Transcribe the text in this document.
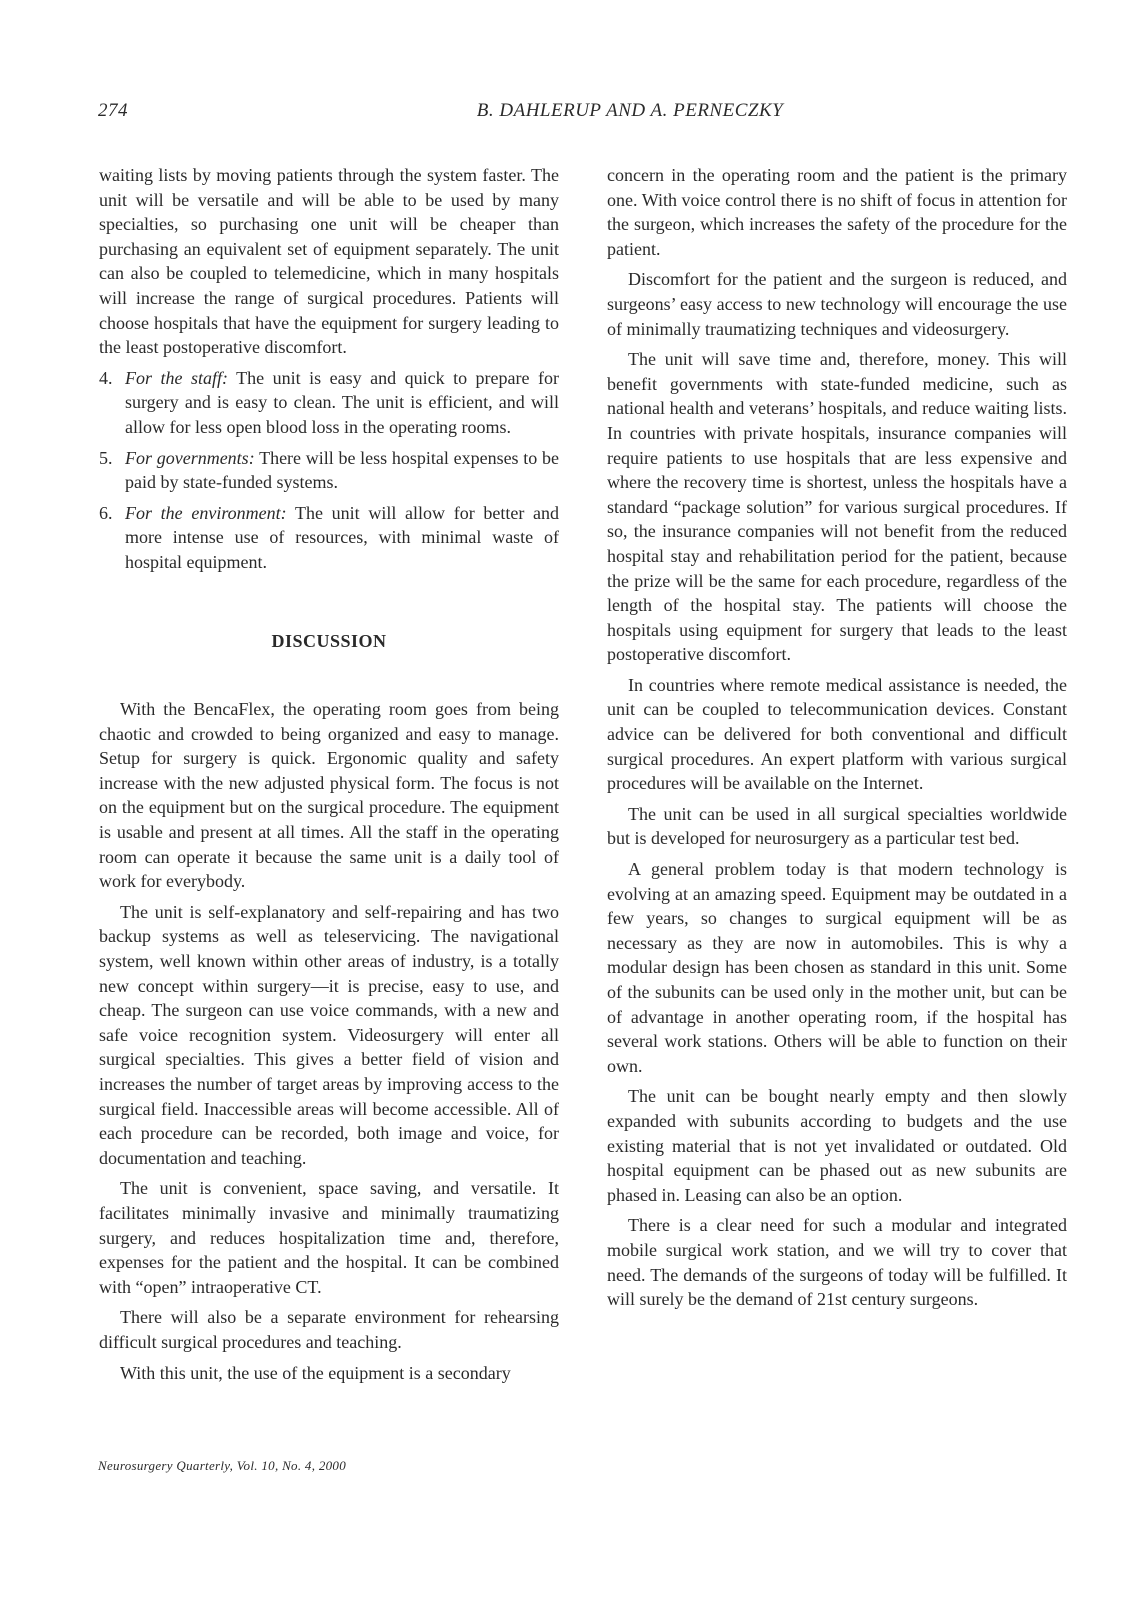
274	B. DAHLERUP AND A. PERNECZKY

waiting lists by moving patients through the system faster. The unit will be versatile and will be able to be used by many specialties, so purchasing one unit will be cheaper than purchasing an equivalent set of equipment separately. The unit can also be coupled to telemedicine, which in many hospitals will increase the range of surgical procedures. Patients will choose hospitals that have the equipment for surgery leading to the least postoperative discomfort.

4. For the staff: The unit is easy and quick to prepare for surgery and is easy to clean. The unit is efficient, and will allow for less open blood loss in the operating rooms.
5. For governments: There will be less hospital expenses to be paid by state-funded systems.
6. For the environment: The unit will allow for better and more intense use of resources, with minimal waste of hospital equipment.
DISCUSSION

With the BencaFlex, the operating room goes from being chaotic and crowded to being organized and easy to manage. Setup for surgery is quick. Ergonomic quality and safety increase with the new adjusted physical form. The focus is not on the equipment but on the surgical procedure. The equipment is usable and present at all times. All the staff in the operating room can operate it because the same unit is a daily tool of work for everybody.

The unit is self-explanatory and self-repairing and has two backup systems as well as teleservicing. The navigational system, well known within other areas of industry, is a totally new concept within surgery—it is precise, easy to use, and cheap. The surgeon can use voice commands, with a new and safe voice recognition system. Videosurgery will enter all surgical specialties. This gives a better field of vision and increases the number of target areas by improving access to the surgical field. Inaccessible areas will become accessible. All of each procedure can be recorded, both image and voice, for documentation and teaching.

The unit is convenient, space saving, and versatile. It facilitates minimally invasive and minimally traumatizing surgery, and reduces hospitalization time and, therefore, expenses for the patient and the hospital. It can be combined with “open” intraoperative CT.

There will also be a separate environment for rehearsing difficult surgical procedures and teaching.

With this unit, the use of the equipment is a secondary

concern in the operating room and the patient is the primary one. With voice control there is no shift of focus in attention for the surgeon, which increases the safety of the procedure for the patient.

Discomfort for the patient and the surgeon is reduced, and surgeons’ easy access to new technology will encourage the use of minimally traumatizing techniques and videosurgery.

The unit will save time and, therefore, money. This will benefit governments with state-funded medicine, such as national health and veterans’ hospitals, and reduce waiting lists. In countries with private hospitals, insurance companies will require patients to use hospitals that are less expensive and where the recovery time is shortest, unless the hospitals have a standard “package solution” for various surgical procedures. If so, the insurance companies will not benefit from the reduced hospital stay and rehabilitation period for the patient, because the prize will be the same for each procedure, regardless of the length of the hospital stay. The patients will choose the hospitals using equipment for surgery that leads to the least postoperative discomfort.

In countries where remote medical assistance is needed, the unit can be coupled to telecommunication devices. Constant advice can be delivered for both conventional and difficult surgical procedures. An expert platform with various surgical procedures will be available on the Internet.

The unit can be used in all surgical specialties worldwide but is developed for neurosurgery as a particular test bed.

A general problem today is that modern technology is evolving at an amazing speed. Equipment may be outdated in a few years, so changes to surgical equipment will be as necessary as they are now in automobiles. This is why a modular design has been chosen as standard in this unit. Some of the subunits can be used only in the mother unit, but can be of advantage in another operating room, if the hospital has several work stations. Others will be able to function on their own.

The unit can be bought nearly empty and then slowly expanded with subunits according to budgets and the use existing material that is not yet invalidated or outdated. Old hospital equipment can be phased out as new subunits are phased in. Leasing can also be an option.

There is a clear need for such a modular and integrated mobile surgical work station, and we will try to cover that need. The demands of the surgeons of today will be fulfilled. It will surely be the demand of 21st century surgeons.

Neurosurgery Quarterly, Vol. 10, No. 4, 2000
